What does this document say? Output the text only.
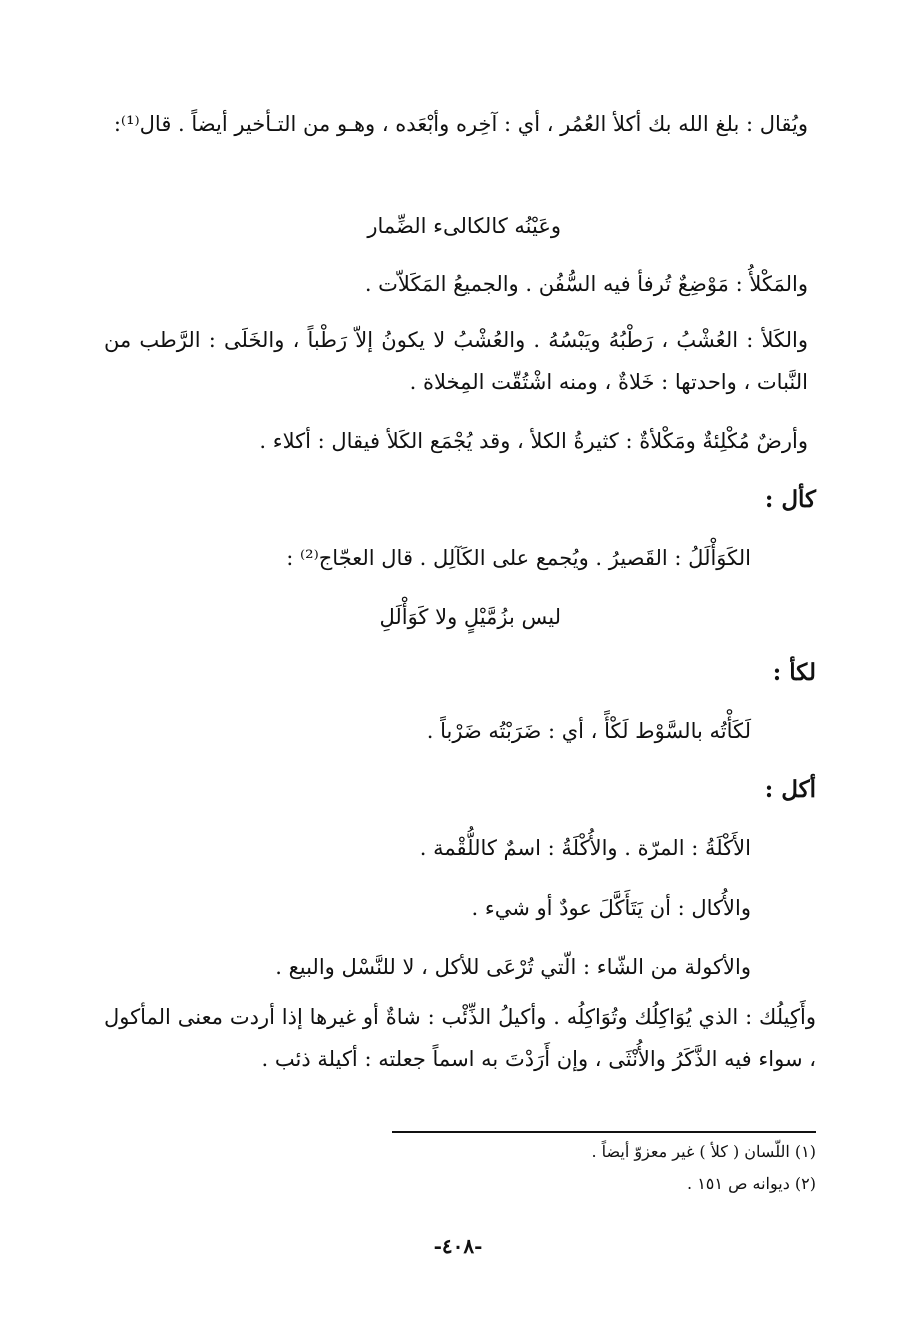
ويُقال : بلغ الله بك أكلأ العُمُر ، أي : آخِره وأبْعَده ، وهـو من التـأخير أيضاً . قال⁽¹⁾:
وعَيْنُه كالكالىء الضِّمار
والمَكْلأُ : مَوْضِعٌ تُرفأ فيه السُّفُن . والجميعُ المَكَلاّت .
والكَلأ : العُشْبُ ، رَطْبُهُ ويَبْسُهُ . والعُشْبُ لا يكونُ إلاّ رَطْباً ، والخَلَى : الرَّطب من النَّبات ، واحدتها : خَلاةٌ ، ومنه اشْتُقّت المِخلاة .
وأرضٌ مُكْلِئةٌ ومَكْلأةٌ : كثيرةُ الكلأ ، وقد يُجْمَع الكَلأ فيقال : أكلاء .
كأل :
الكَوَأْلَلُ : القَصيرُ . ويُجمع على الكَآلِل . قال العجّاج⁽²⁾ :
ليس بزُمَّيْلٍ ولا كَوَأْلَلِ
لكأ :
لَكَأْتُه بالسَّوْط لَكْأً ، أي : ضَرَبْتُه ضَرْباً .
أكل :
الأَكْلَةُ : المرّة . والأُكْلَةُ : اسمٌ كاللُّقْمة .
والأُكال : أن يَتَأَكَّلَ عودٌ أو شيء .
والأكولة من الشّاء : الّتي تُرْعَى للأكل ، لا للنَّسْل والبيع .
وأَكِيلُك : الذي يُوَاكِلُك وتُوَاكِلُه . وأكيلُ الذِّئْب : شاةٌ أو غيرها إذا أردت معنى المأكول ، سواء فيه الذَّكَرُ والأُنْثَى ، وإن أَرَدْتَ به اسماً جعلته : أكيلة ذئب .
(١) اللّسان ( كلأ ) غير معزوّ أيضاً .
(٢) ديوانه ص ١٥١ .
-٤٠٨-
